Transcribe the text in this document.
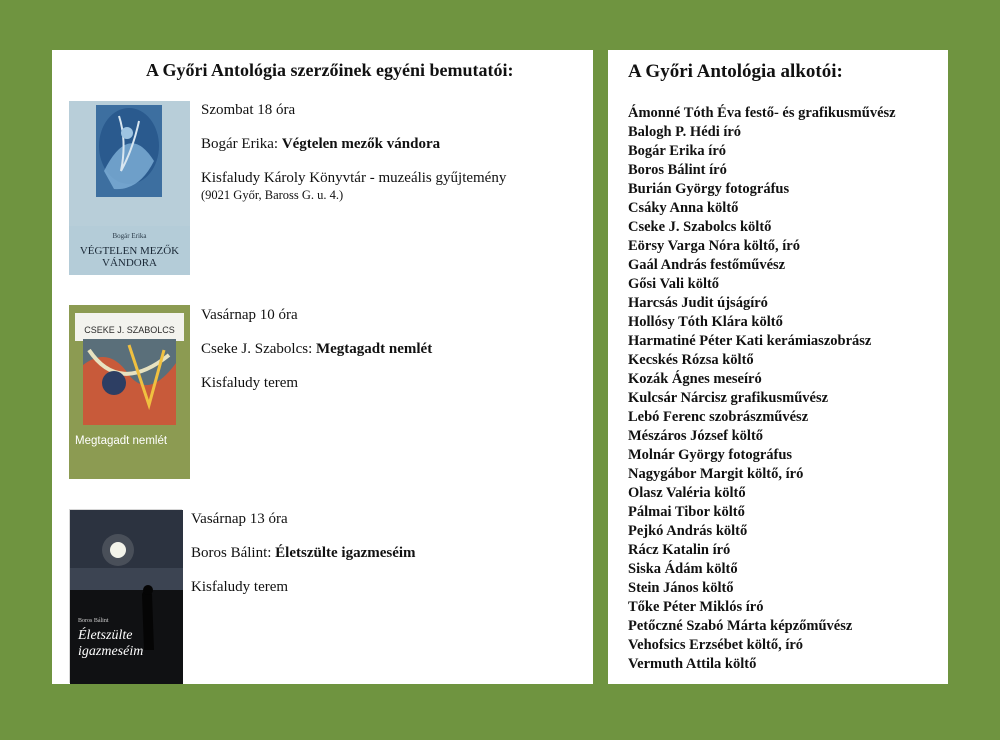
A Győri Antológia szerzőinek egyéni bemutatói:
Bogár Erika
VÉGTELEN MEZŐK VÁNDORA
Szombat 18 óra
Bogár Erika: Végtelen mezők vándora
Kisfaludy Károly Könyvtár - muzeális gyűjtemény
(9021 Győr, Baross G. u. 4.)
CSEKE J. SZABOLCS
Megtagadt nemlét
Vasárnap 10 óra
Cseke J. Szabolcs: Megtagadt nemlét
Kisfaludy terem
Boros Bálint
Életszülte igazmeséim
Vasárnap 13 óra
Boros Bálint: Életszülte igazmeséim
Kisfaludy terem
A Győri Antológia alkotói:
Ámonné Tóth Éva festő- és grafikusművész
Balogh P. Hédi író
Bogár Erika író
Boros Bálint író
Burián György fotográfus
Csáky Anna költő
Cseke J. Szabolcs költő
Eörsy Varga Nóra költő, író
Gaál András festőművész
Gősi Vali költő
Harcsás Judit újságíró
Hollósy Tóth Klára költő
Harmatiné Péter Kati kerámiaszobrász
Kecskés Rózsa költő
Kozák Ágnes meseíró
Kulcsár Nárcisz grafikusművész
Lebó Ferenc szobrászművész
Mészáros József költő
Molnár György fotográfus
Nagygábor Margit költő, író
Olasz Valéria költő
Pálmai Tibor költő
Pejkó András költő
Rácz Katalin író
Siska Ádám költő
Stein János költő
Tőke Péter Miklós író
Petőczné Szabó Márta képzőművész
Vehofsics Erzsébet költő, író
Vermuth Attila költő
